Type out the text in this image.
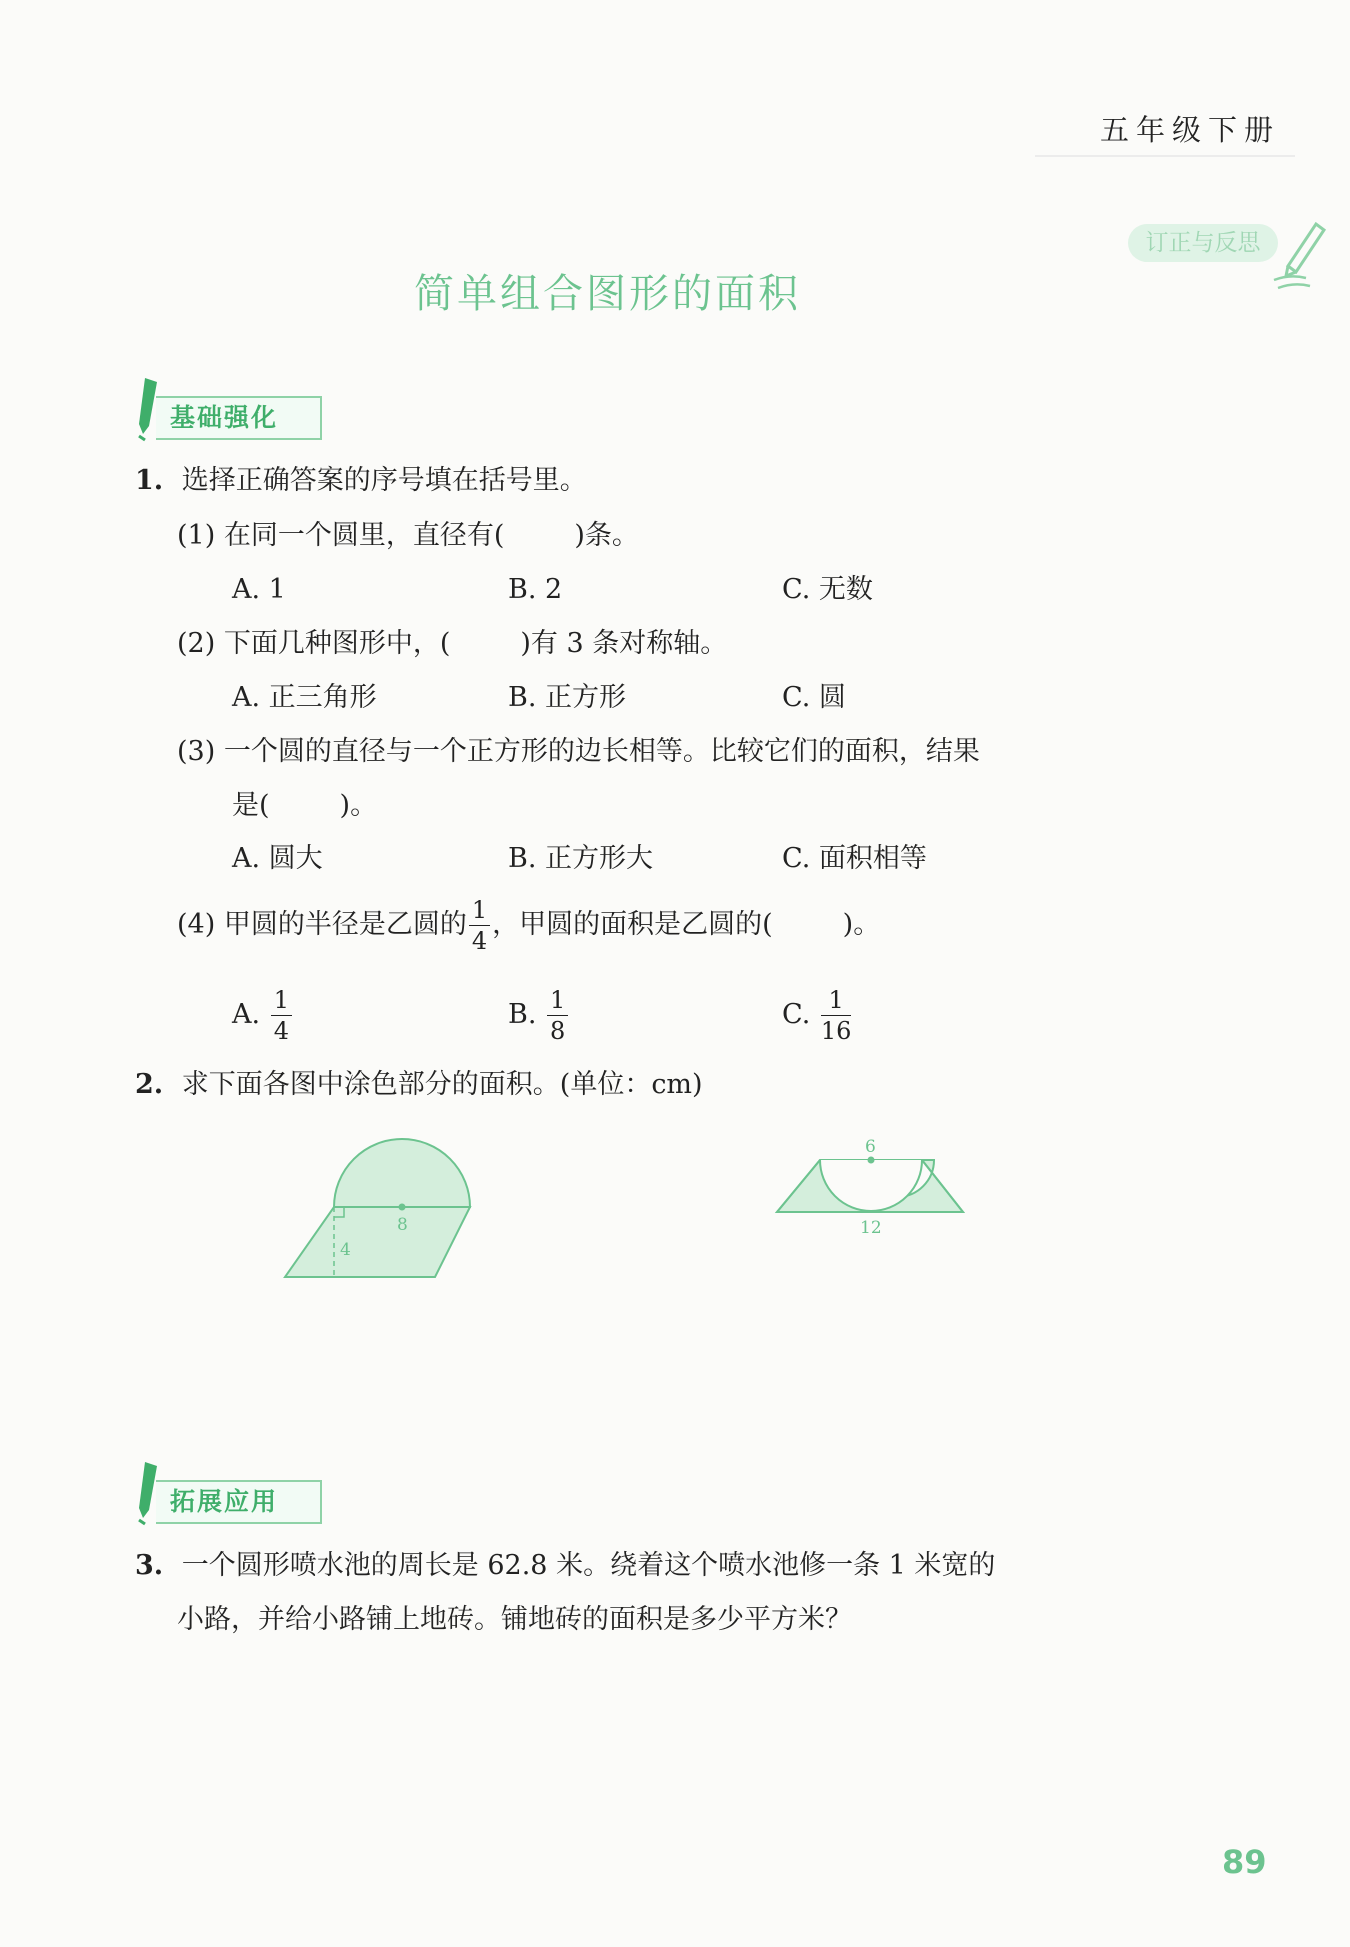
五年级下册
订正与反思
简单组合图形的面积
基础强化
1. 选择正确答案的序号填在括号里。
(1) 在同一个圆里，直径有(	)条。
A. 1	B. 2	C. 无数
(2) 下面几种图形中，(	)有 3 条对称轴。
A. 正三角形	B. 正方形	C. 圆
(3) 一个圆的直径与一个正方形的边长相等。比较它们的面积，结果
是(	)。
A. 圆大	B. 正方形大	C. 面积相等
(4) 甲圆的半径是乙圆的 $\frac{1}{4}$ ，甲圆的面积是乙圆的(	)。
A. $\frac{1}{4}$	B. $\frac{1}{8}$	C. $\frac{1}{16}$
2. 求下面各图中涂色部分的面积。(单位：cm)
8
4
6
12
拓展应用
3. 一个圆形喷水池的周长是 62.8 米。绕着这个喷水池修一条 1 米宽的
小路，并给小路铺上地砖。铺地砖的面积是多少平方米？
89
